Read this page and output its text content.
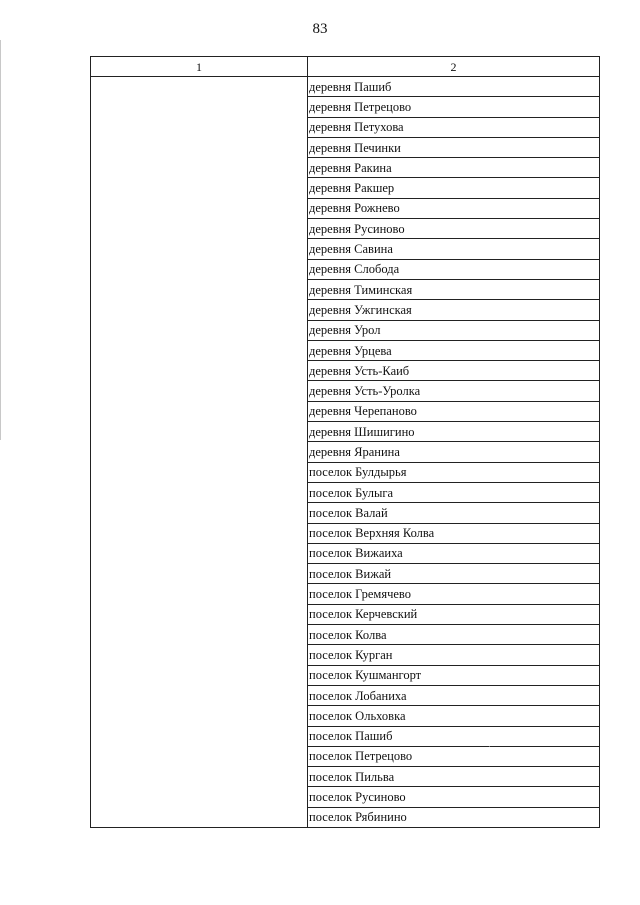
83
1	2
	деревня Пашиб
	деревня Петрецово
	деревня Петухова
	деревня Печинки
	деревня Ракина
	деревня Ракшер
	деревня Рожнево
	деревня Русиново
	деревня Савина
	деревня Слобода
	деревня Тиминская
	деревня Ужгинская
	деревня Урол
	деревня Урцева
	деревня Усть-Каиб
	деревня Усть-Уролка
	деревня Черепаново
	деревня Шишигино
	деревня Яранина
	поселок Булдырья
	поселок Булыга
	поселок Валай
	поселок Верхняя Колва
	поселок Вижаиха
	поселок Вижай
	поселок Гремячево
	поселок Керчевский
	поселок Колва
	поселок Курган
	поселок Кушмангорт
	поселок Лобаниха
	поселок Ольховка
	поселок Пашиб
	поселок Петрецово
	поселок Пильва
	поселок Русиново
	поселок Рябинино
